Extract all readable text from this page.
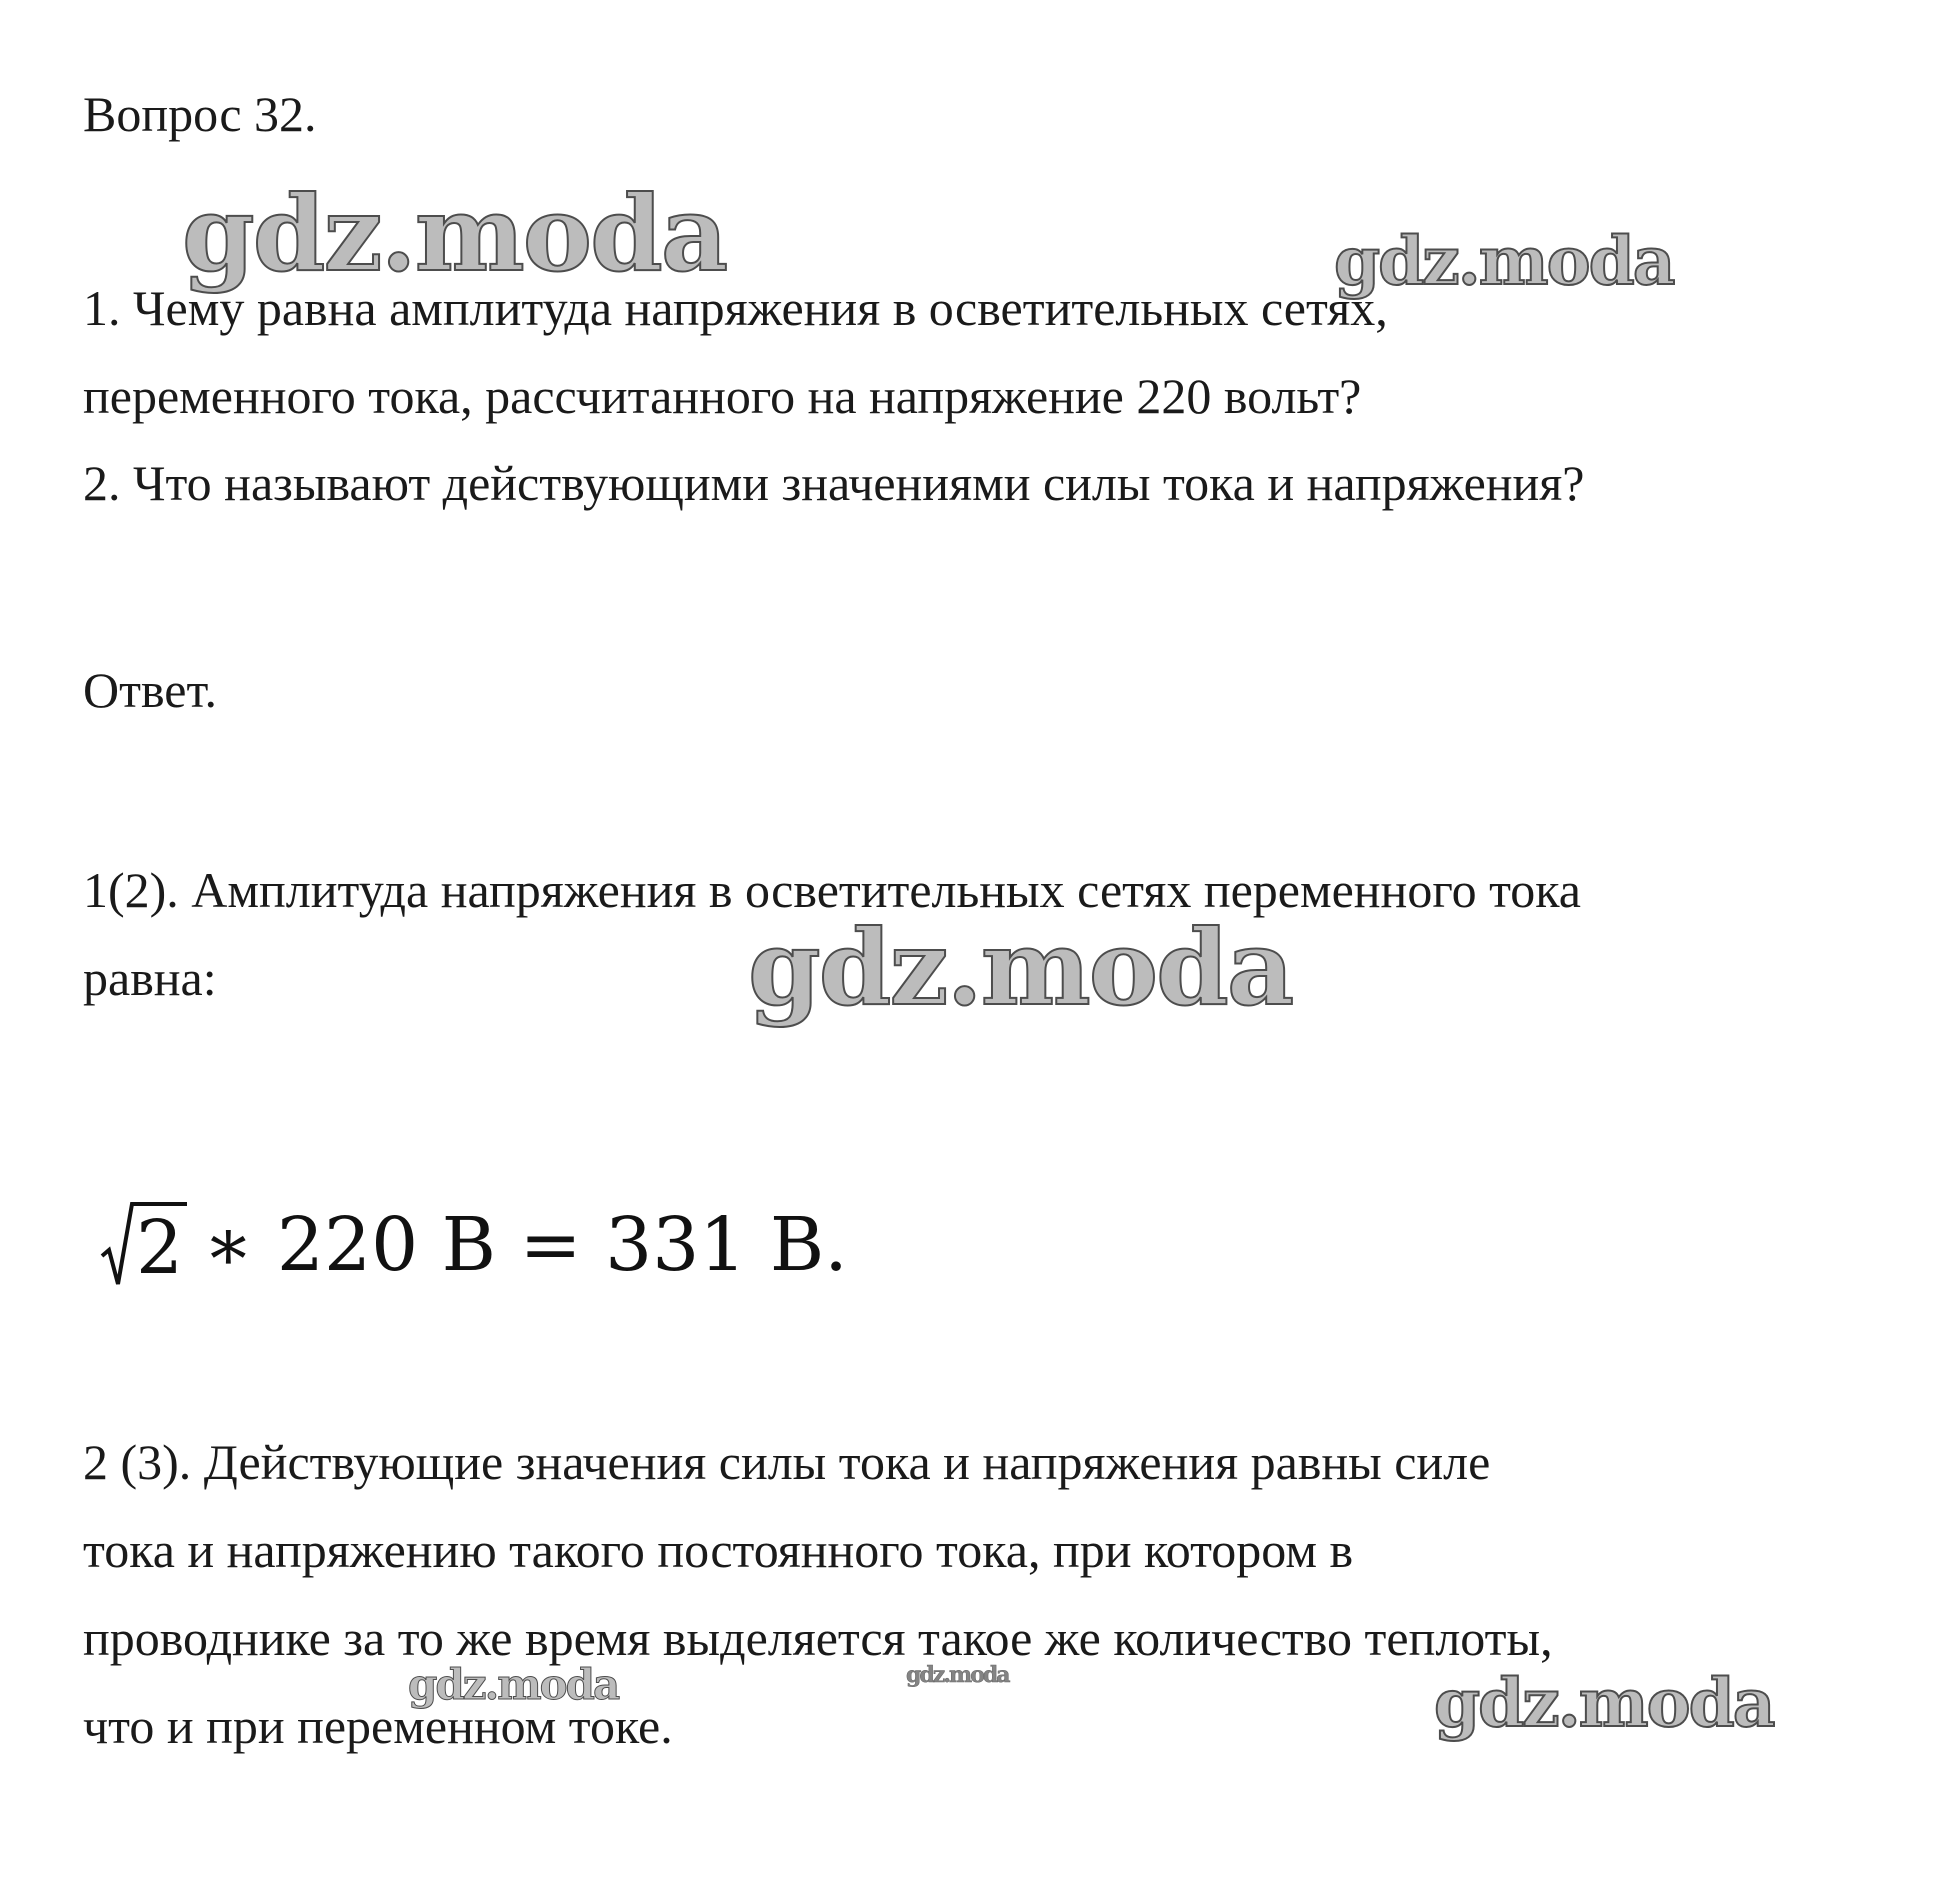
Вопрос 32.
1. Чему равна амплитуда напряжения в осветительных сетях,
переменного тока, рассчитанного на напряжение 220 вольт?
2. Что называют действующими значениями силы тока и напряжения?
Ответ.
1(2). Амплитуда напряжения в осветительных сетях переменного тока
равна:
2 ∗ 220 В = 331 В.
2 (3). Действующие значения силы тока и напряжения равны силе
тока и напряжению такого постоянного тока, при котором в
проводнике за то же время выделяется такое же количество теплоты,
что и при переменном токе.
gdz.moda	gdz.moda
gdz.moda
gdz.moda	gdz.moda	gdz.moda
